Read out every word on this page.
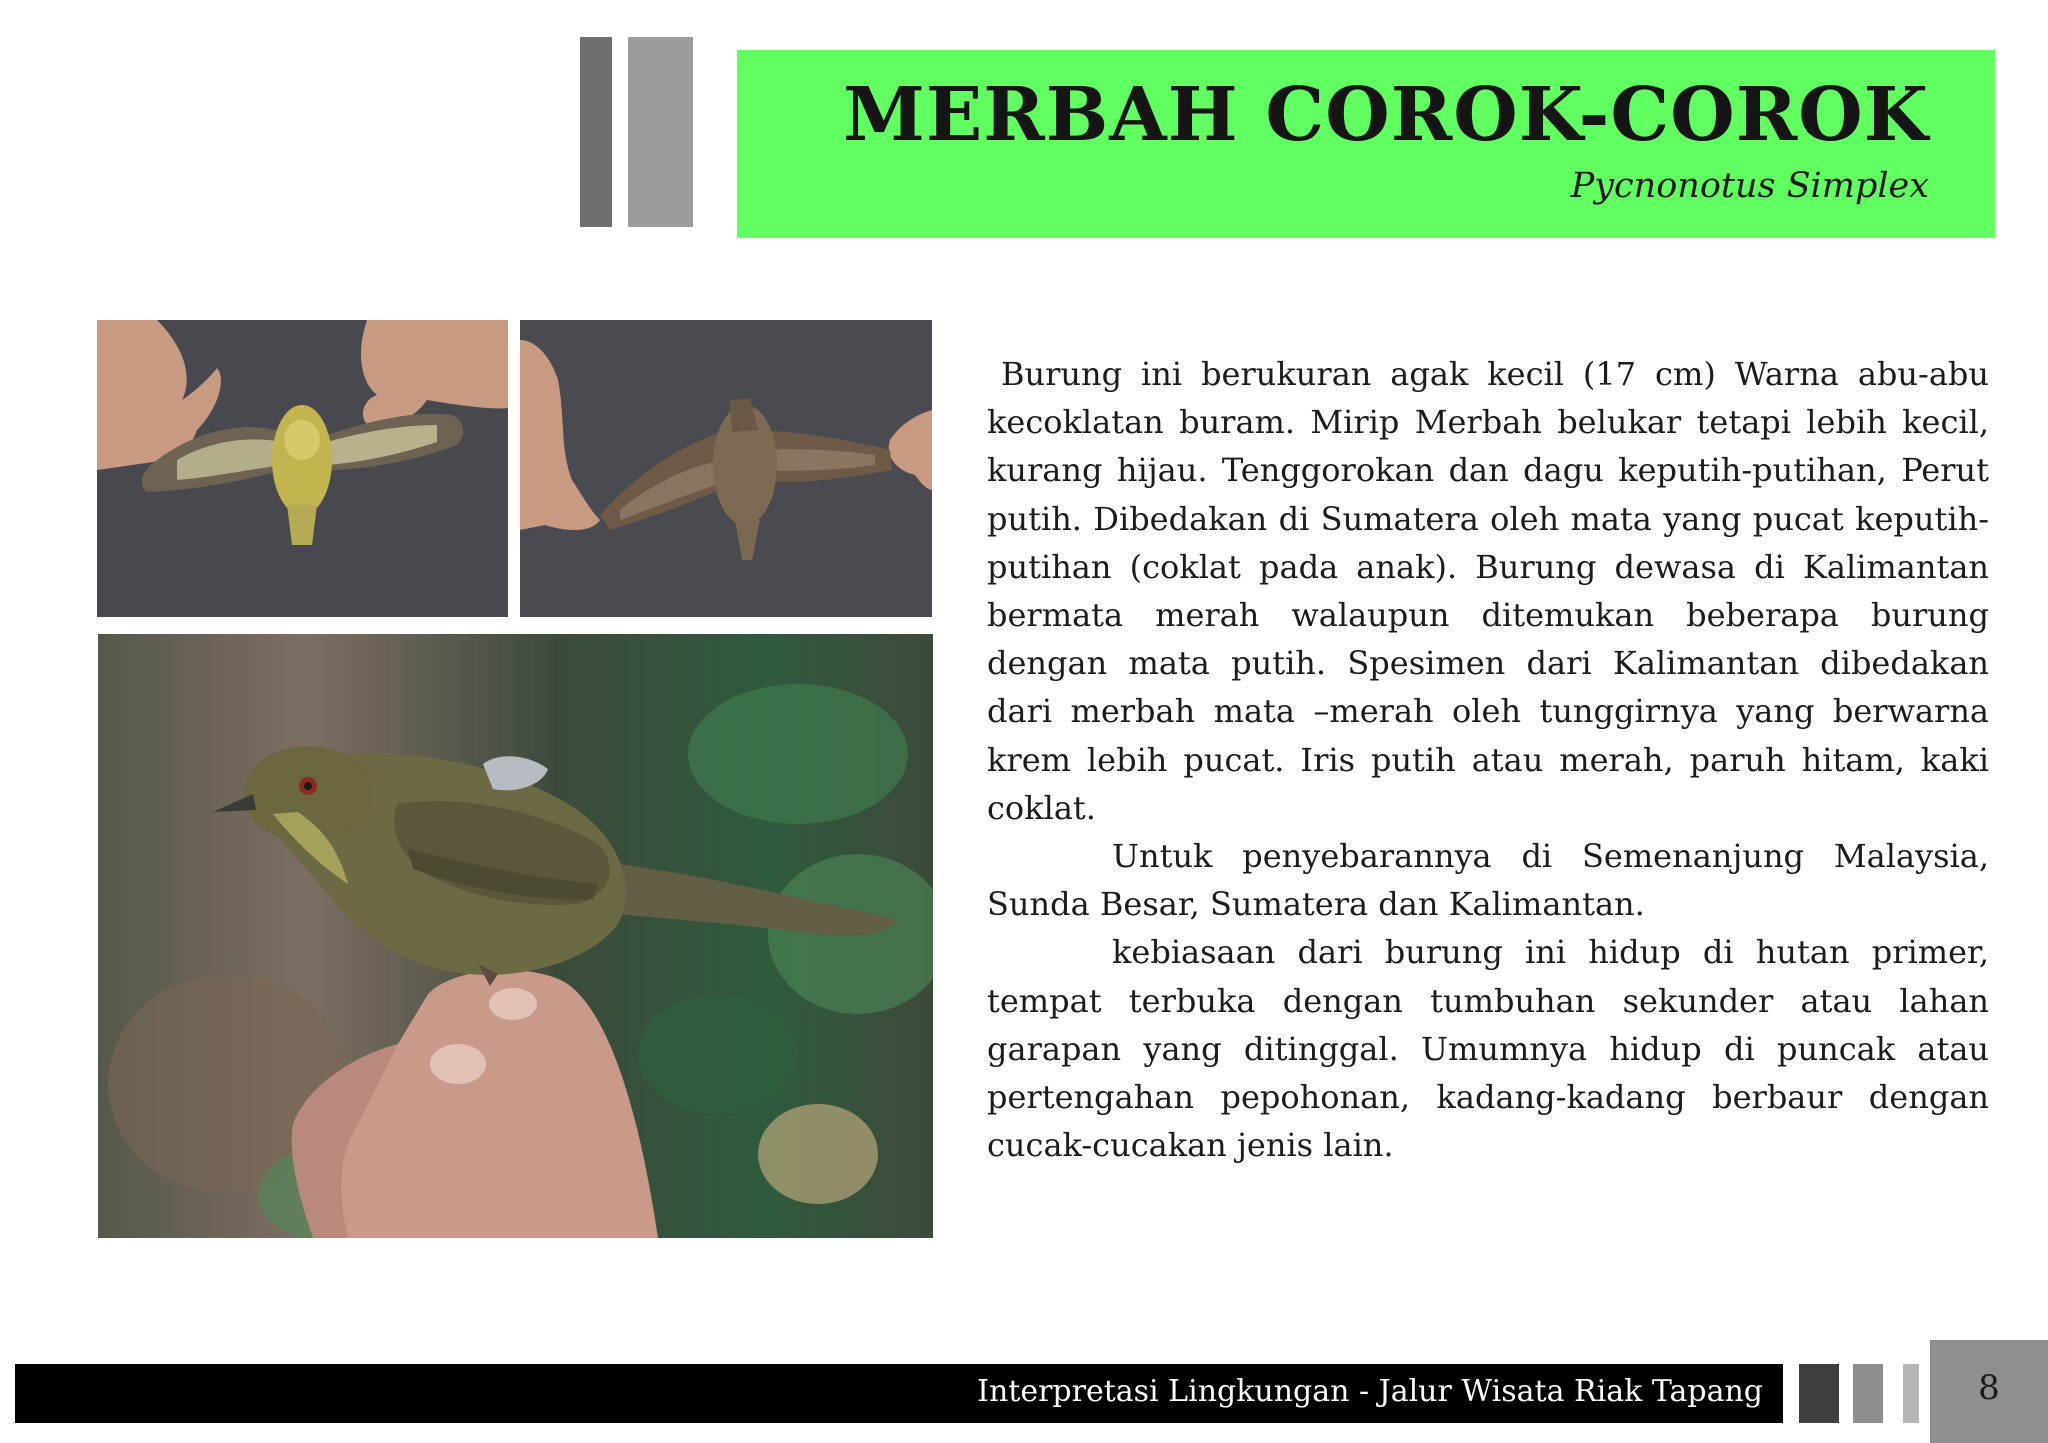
MERBAH COROK-COROK
Pycnonotus Simplex

Burung ini berukuran agak kecil (17 cm) Warna abu-abu kecoklatan buram. Mirip Merbah belukar tetapi lebih kecil, kurang hijau. Tenggorokan dan dagu keputih-putihan, Perut putih. Dibedakan di Sumatera oleh mata yang pucat keputih-putihan (coklat pada anak). Burung dewasa di Kalimantan bermata merah walaupun ditemukan beberapa burung dengan mata putih. Spesimen dari Kalimantan dibedakan dari merbah mata –merah oleh tunggirnya yang berwarna krem lebih pucat. Iris putih atau merah, paruh hitam, kaki coklat.

Untuk penyebarannya di Semenanjung Malaysia, Sunda Besar, Sumatera dan Kalimantan.

kebiasaan dari burung ini hidup di hutan primer, tempat terbuka dengan tumbuhan sekunder atau lahan garapan yang ditinggal. Umumnya hidup di puncak atau pertengahan pepohonan, kadang-kadang berbaur dengan cucak-cucakan jenis lain.

Interpretasi Lingkungan - Jalur Wisata Riak Tapang	8
